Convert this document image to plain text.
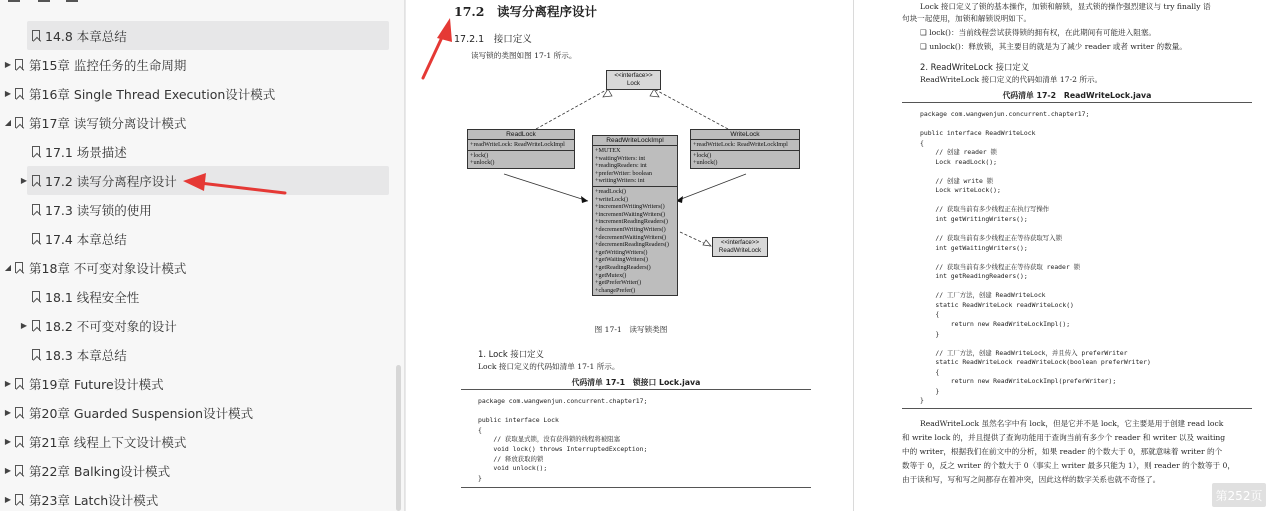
14.8 本章总结
▶ 第15章 监控任务的生命周期
▶ 第16章 Single Thread Execution设计模式
◢ 第17章 读写锁分离设计模式
17.1 场景描述
▶ 17.2 读写分离程序设计
17.3 读写锁的使用
17.4 本章总结
◢ 第18章 不可变对象设计模式
18.1 线程安全性
▶ 18.2 不可变对象的设计
18.3 本章总结
▶ 第19章 Future设计模式
▶ 第20章 Guarded Suspension设计模式
▶ 第21章 线程上下文设计模式
▶ 第22章 Balking设计模式
▶ 第23章 Latch设计模式
17.2　读写分离程序设计
17.2.1　接口定义
读写锁的类图如图 17-1 所示。
<<interface>>
Lock
ReadLock
+readWriteLock: ReadWriteLockImpl
+lock()
+unlock()
WriteLock
+readWriteLock: ReadWriteLockImpl
+lock()
+unlock()
ReadWriteLockImpl
+MUTEX
+waitingWriters: int
+readingReaders: int
+preferWriter: boolean
+writingWriters: int
+readLock()
+writeLock()
+incrementWritingWriters()
+incrementWaitingWriters()
+incrementReadingReaders()
+decrementWritingWriters()
+decrementWaitingWriters()
+decrementReadingReaders()
+getWritingWriters()
+getWaitingWriters()
+getReadingReaders()
+getMutex()
+getPreferWriter()
+changePrefer()
<<interface>>
ReadWriteLock
图 17-1　读写锁类图
1. Lock 接口定义
Lock 接口定义的代码如清单 17-1 所示。
代码清单 17-1　锁接口 Lock.java
package com.wangwenjun.concurrent.chapter17;

public interface Lock
{
// 获取显式锁，没有获得锁的线程将被阻塞
void lock() throws InterruptedException;
// 释放获取的锁
void unlock();
}
Lock 接口定义了锁的基本操作，加锁和解锁，显式锁的操作强烈建议与 try finally 语
句块一起使用，加锁和解锁说明如下。
❑ lock()：当前线程尝试获得锁的拥有权，在此期间有可能进入阻塞。
❑ unlock()：释放锁，其主要目的就是为了减少 reader 或者 writer 的数量。
2. ReadWriteLock 接口定义
ReadWriteLock 接口定义的代码如清单 17-2 所示。
代码清单 17-2　ReadWriteLock.java
package com.wangwenjun.concurrent.chapter17;

public interface ReadWriteLock
{
// 创建 reader 锁
Lock readLock();

// 创建 write 锁
Lock writeLock();

// 获取当前有多少线程正在执行写操作
int getWritingWriters();

// 获取当前有多少线程正在等待获取写入锁
int getWaitingWriters();

// 获取当前有多少线程正在等待获取 reader 锁
int getReadingReaders();

// 工厂方法，创建 ReadWriteLock
static ReadWriteLock readWriteLock()
{
return new ReadWriteLockImpl();
}

// 工厂方法，创建 ReadWriteLock，并且传入 preferWriter
static ReadWriteLock readWriteLock(boolean preferWriter)
{
return new ReadWriteLockImpl(preferWriter);
}
}
ReadWriteLock 虽然名字中有 lock，但是它并不是 lock，它主要是用于创建 read lock
和 write lock 的，并且提供了查询功能用于查询当前有多少个 reader 和 writer 以及 waiting
中的 writer，根据我们在前文中的分析，如果 reader 的个数大于 0，那就意味着 writer 的个
数等于 0，反之 writer 的个数大于 0（事实上 writer 最多只能为 1），则 reader 的个数等于 0，
由于读和写，写和写之间都存在着冲突，因此这样的数字关系也就不奇怪了。
第252页
